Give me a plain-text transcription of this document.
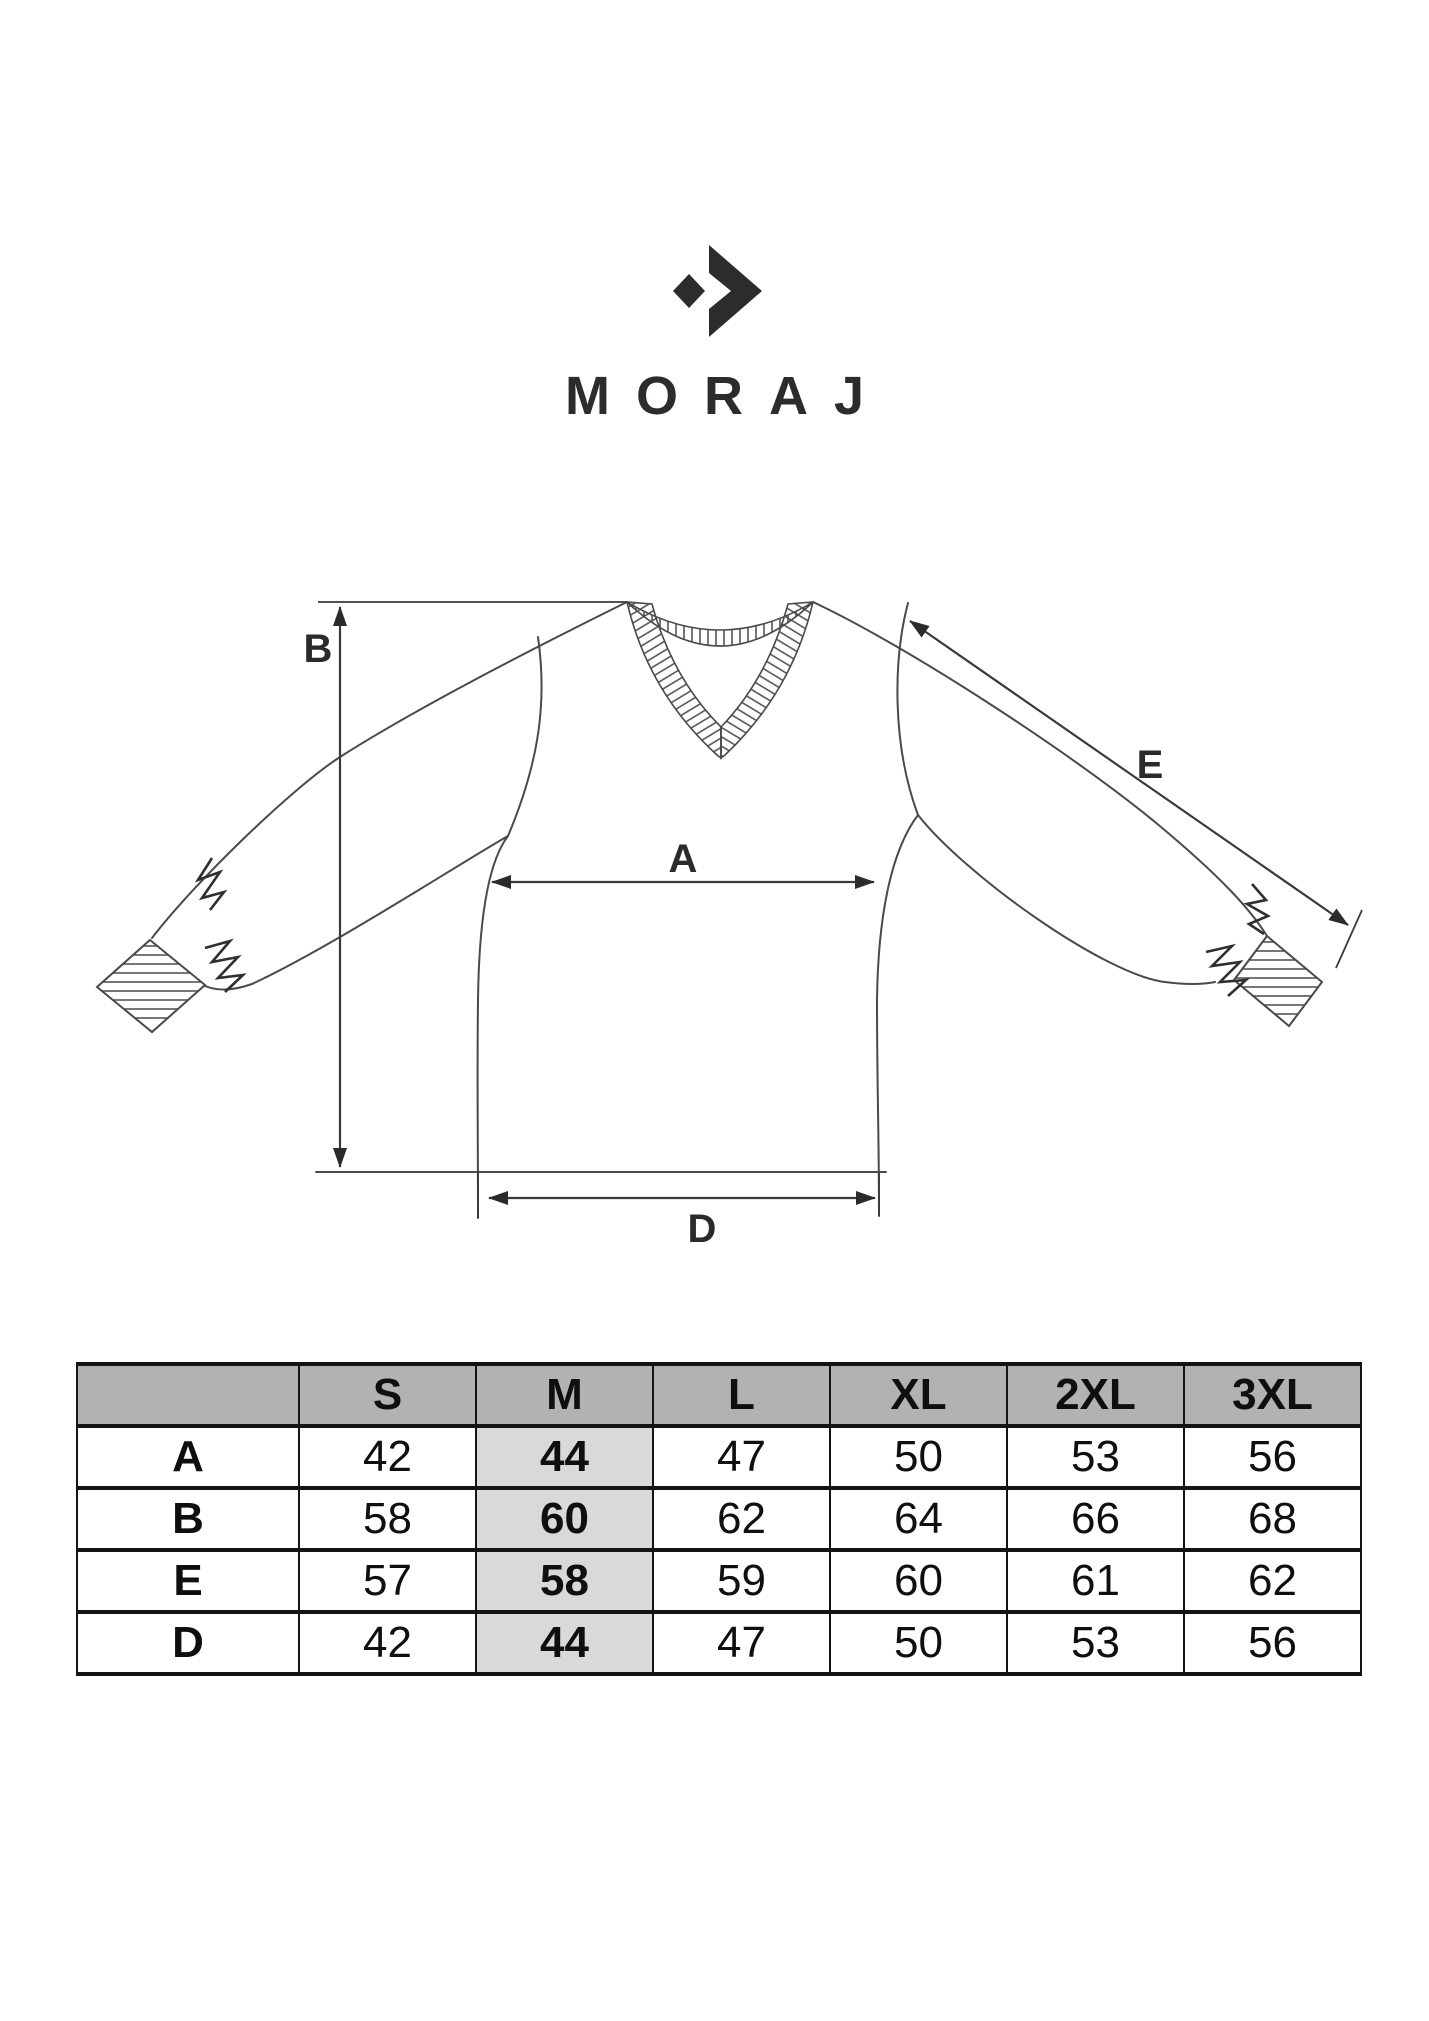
MORAJ
B
A
E
D
	S	M	L	XL	2XL	3XL
A	42	44	47	50	53	56
B	58	60	62	64	66	68
E	57	58	59	60	61	62
D	42	44	47	50	53	56
